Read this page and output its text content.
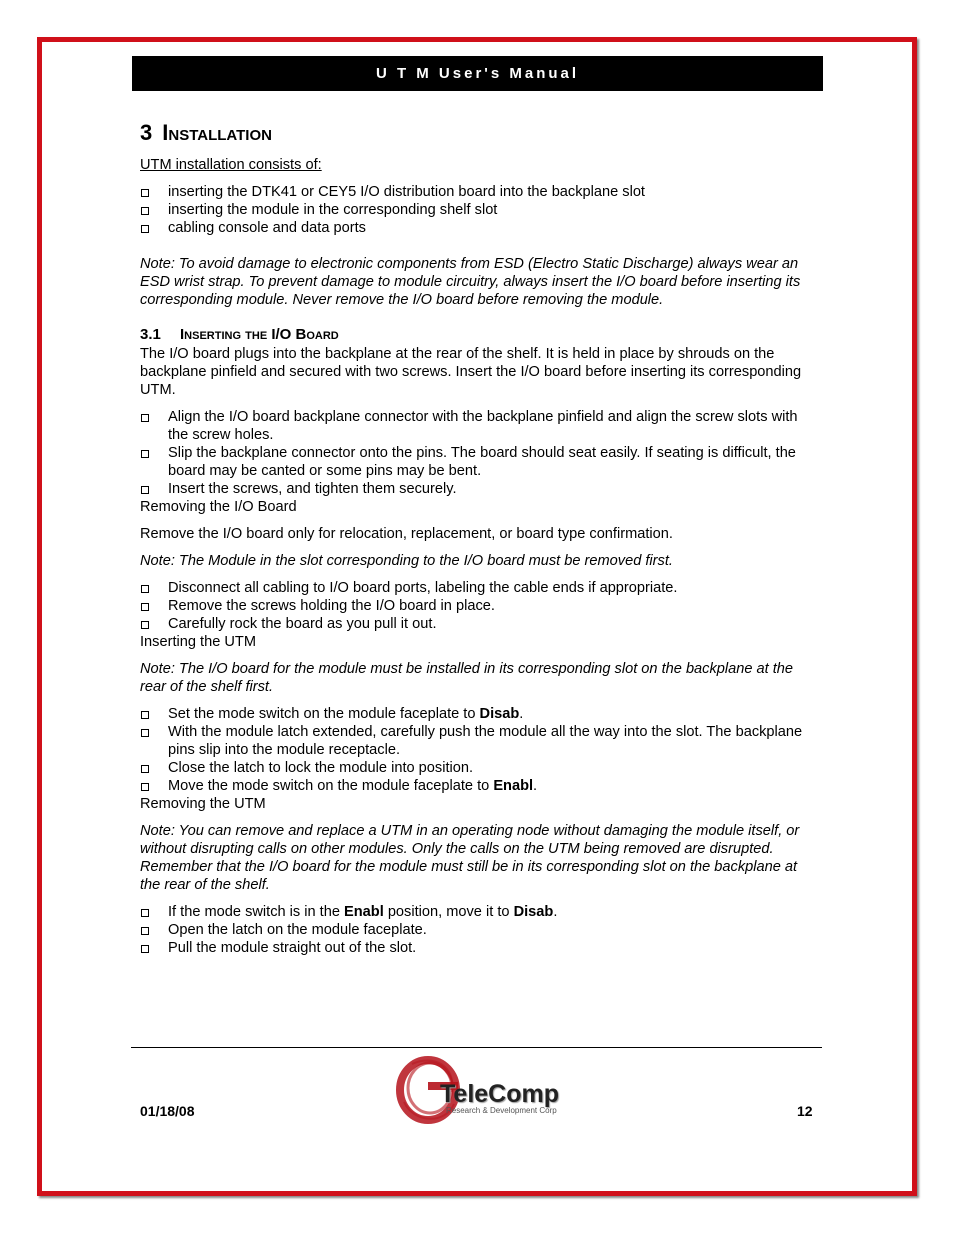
U T M User's Manual
3 Installation

UTM installation consists of:

inserting the DTK41 or CEY5 I/O distribution board into the backplane slot
inserting the module in the corresponding shelf slot
cabling console and data ports

Note: To avoid damage to electronic components from ESD (Electro Static Discharge) always wear an ESD wrist strap. To prevent damage to module circuitry, always insert the I/O board before inserting its corresponding module. Never remove the I/O board before removing the module.

3.1 Inserting the I/O Board

The I/O board plugs into the backplane at the rear of the shelf. It is held in place by shrouds on the backplane pinfield and secured with two screws. Insert the I/O board before inserting its corresponding UTM.

Align the I/O board backplane connector with the backplane pinfield and align the screw slots with the screw holes.
Slip the backplane connector onto the pins. The board should seat easily. If seating is difficult, the board may be canted or some pins may be bent.
Insert the screws, and tighten them securely.

Removing the I/O Board

Remove the I/O board only for relocation, replacement, or board type confirmation.

Note: The Module in the slot corresponding to the I/O board must be removed first.

Disconnect all cabling to I/O board ports, labeling the cable ends if appropriate.
Remove the screws holding the I/O board in place.
Carefully rock the board as you pull it out.

Inserting the UTM

Note: The I/O board for the module must be installed in its corresponding slot on the backplane at the rear of the shelf first.

Set the mode switch on the module faceplate to Disab.
With the module latch extended, carefully push the module all the way into the slot. The backplane pins slip into the module receptacle.
Close the latch to lock the module into position.
Move the mode switch on the module faceplate to Enabl.

Removing the UTM

Note: You can remove and replace a UTM in an operating node without damaging the module itself, or without disrupting calls on other modules. Only the calls on the UTM being removed are disrupted. Remember that the I/O board for the module must still be in its corresponding slot on the backplane at the rear of the shelf.

If the mode switch is in the Enabl position, move it to Disab.
Open the latch on the module faceplate.
Pull the module straight out of the slot.
01/18/08	12
TeleComp
Research & Development Corp
